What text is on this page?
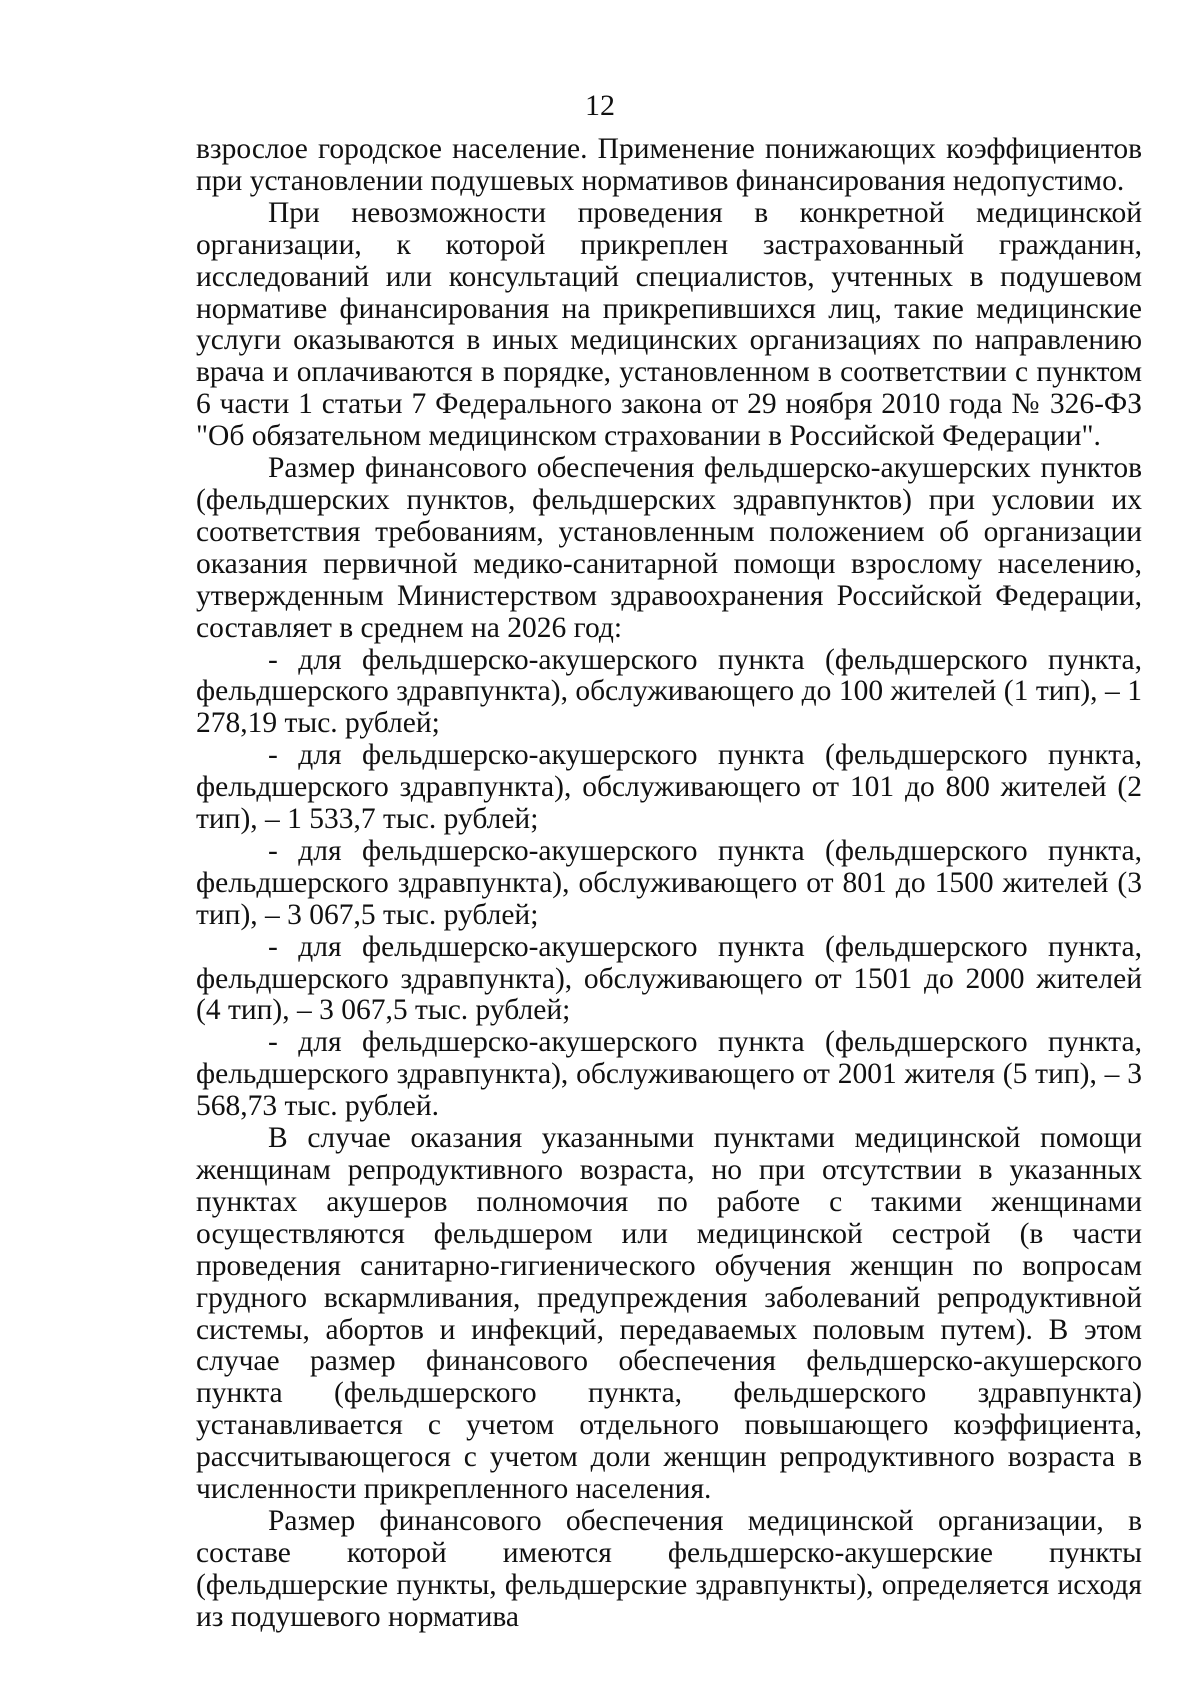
12

взрослое городское население. Применение понижающих коэффициентов при установлении подушевых нормативов финансирования недопустимо.

При невозможности проведения в конкретной медицинской организации, к которой прикреплен застрахованный гражданин, исследований или консультаций специалистов, учтенных в подушевом нормативе финансирования на прикрепившихся лиц, такие медицинские услуги оказываются в иных медицинских организациях по направлению врача и оплачиваются в порядке, установленном в соответствии с пунктом 6 части 1 статьи 7 Федерального закона от 29 ноября 2010 года № 326-ФЗ "Об обязательном медицинском страховании в Российской Федерации".

Размер финансового обеспечения фельдшерско-акушерских пунктов (фельдшерских пунктов, фельдшерских здравпунктов) при условии их соответствия требованиям, установленным положением об организации оказания первичной медико-санитарной помощи взрослому населению, утвержденным Министерством здравоохранения Российской Федерации, составляет в среднем на 2026 год:

- для фельдшерско-акушерского пункта (фельдшерского пункта, фельдшерского здравпункта), обслуживающего до 100 жителей (1 тип), – 1 278,19 тыс. рублей;

- для фельдшерско-акушерского пункта (фельдшерского пункта, фельдшерского здравпункта), обслуживающего от 101 до 800 жителей (2 тип), – 1 533,7 тыс. рублей;

- для фельдшерско-акушерского пункта (фельдшерского пункта, фельдшерского здравпункта), обслуживающего от 801 до 1500 жителей (3 тип), – 3 067,5 тыс. рублей;

- для фельдшерско-акушерского пункта (фельдшерского пункта, фельдшерского здравпункта), обслуживающего от 1501 до 2000 жителей (4 тип), – 3 067,5 тыс. рублей;

- для фельдшерско-акушерского пункта (фельдшерского пункта, фельдшерского здравпункта), обслуживающего от 2001 жителя (5 тип), – 3 568,73 тыс. рублей.

В случае оказания указанными пунктами медицинской помощи женщинам репродуктивного возраста, но при отсутствии в указанных пунктах акушеров полномочия по работе с такими женщинами осуществляются фельдшером или медицинской сестрой (в части проведения санитарно-гигиенического обучения женщин по вопросам грудного вскармливания, предупреждения заболеваний репродуктивной системы, абортов и инфекций, передаваемых половым путем). В этом случае размер финансового обеспечения фельдшерско-акушерского пункта (фельдшерского пункта, фельдшерского здравпункта) устанавливается с учетом отдельного повышающего коэффициента, рассчитывающегося с учетом доли женщин репродуктивного возраста в численности прикрепленного населения.

Размер финансового обеспечения медицинской организации, в составе которой имеются фельдшерско-акушерские пункты (фельдшерские пункты, фельдшерские здравпункты), определяется исходя из подушевого норматива
